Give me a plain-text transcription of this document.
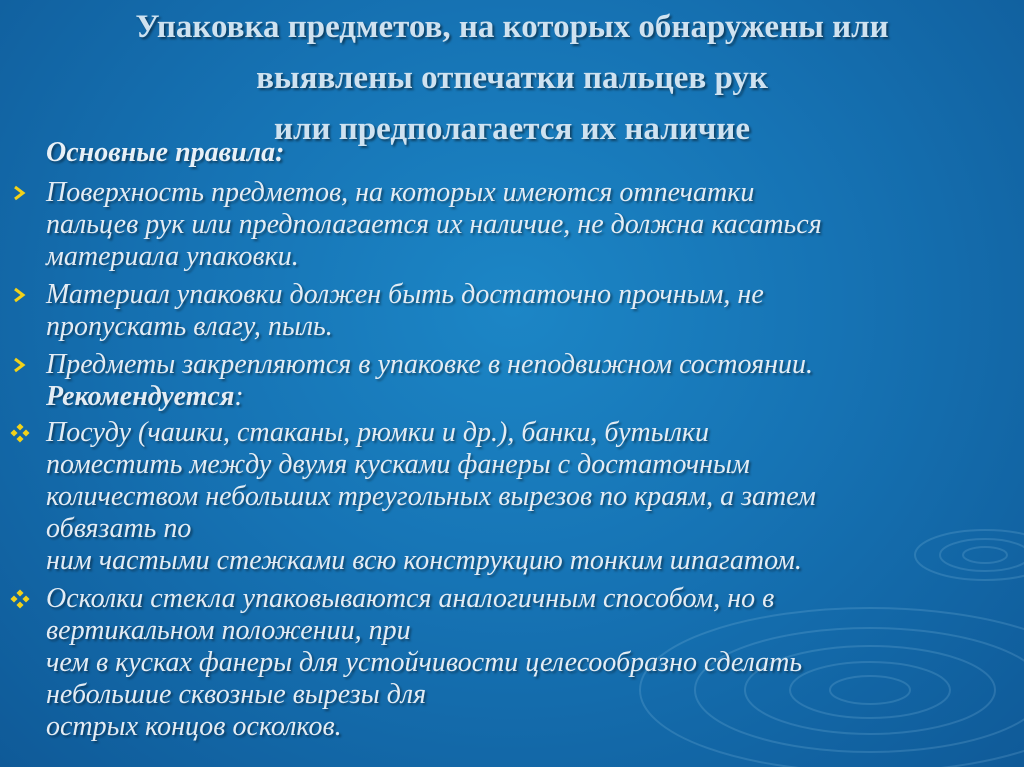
Упаковка предметов, на которых обнаружены или
выявлены отпечатки пальцев рук
или предполагается их наличие

Основные правила:

Поверхность предметов, на которых имеются отпечатки
пальцев рук или предполагается их наличие, не должна касаться
материала упаковки.
Материал упаковки должен быть достаточно прочным, не
пропускать влагу, пыль.
Предметы закрепляются в упаковке в неподвижном состоянии.
Рекомендуется:
Посуду (чашки, стаканы, рюмки и др.), банки, бутылки
поместить между двумя кусками фанеры с достаточным
количеством небольших треугольных вырезов по краям, а затем
обвязать по
ним частыми стежками всю конструкцию тонким шпагатом.
Осколки стекла упаковываются аналогичным способом, но в
вертикальном положении, при
чем в кусках фанеры для устойчивости целесообразно сделать
небольшие сквозные вырезы для
острых концов осколков.
